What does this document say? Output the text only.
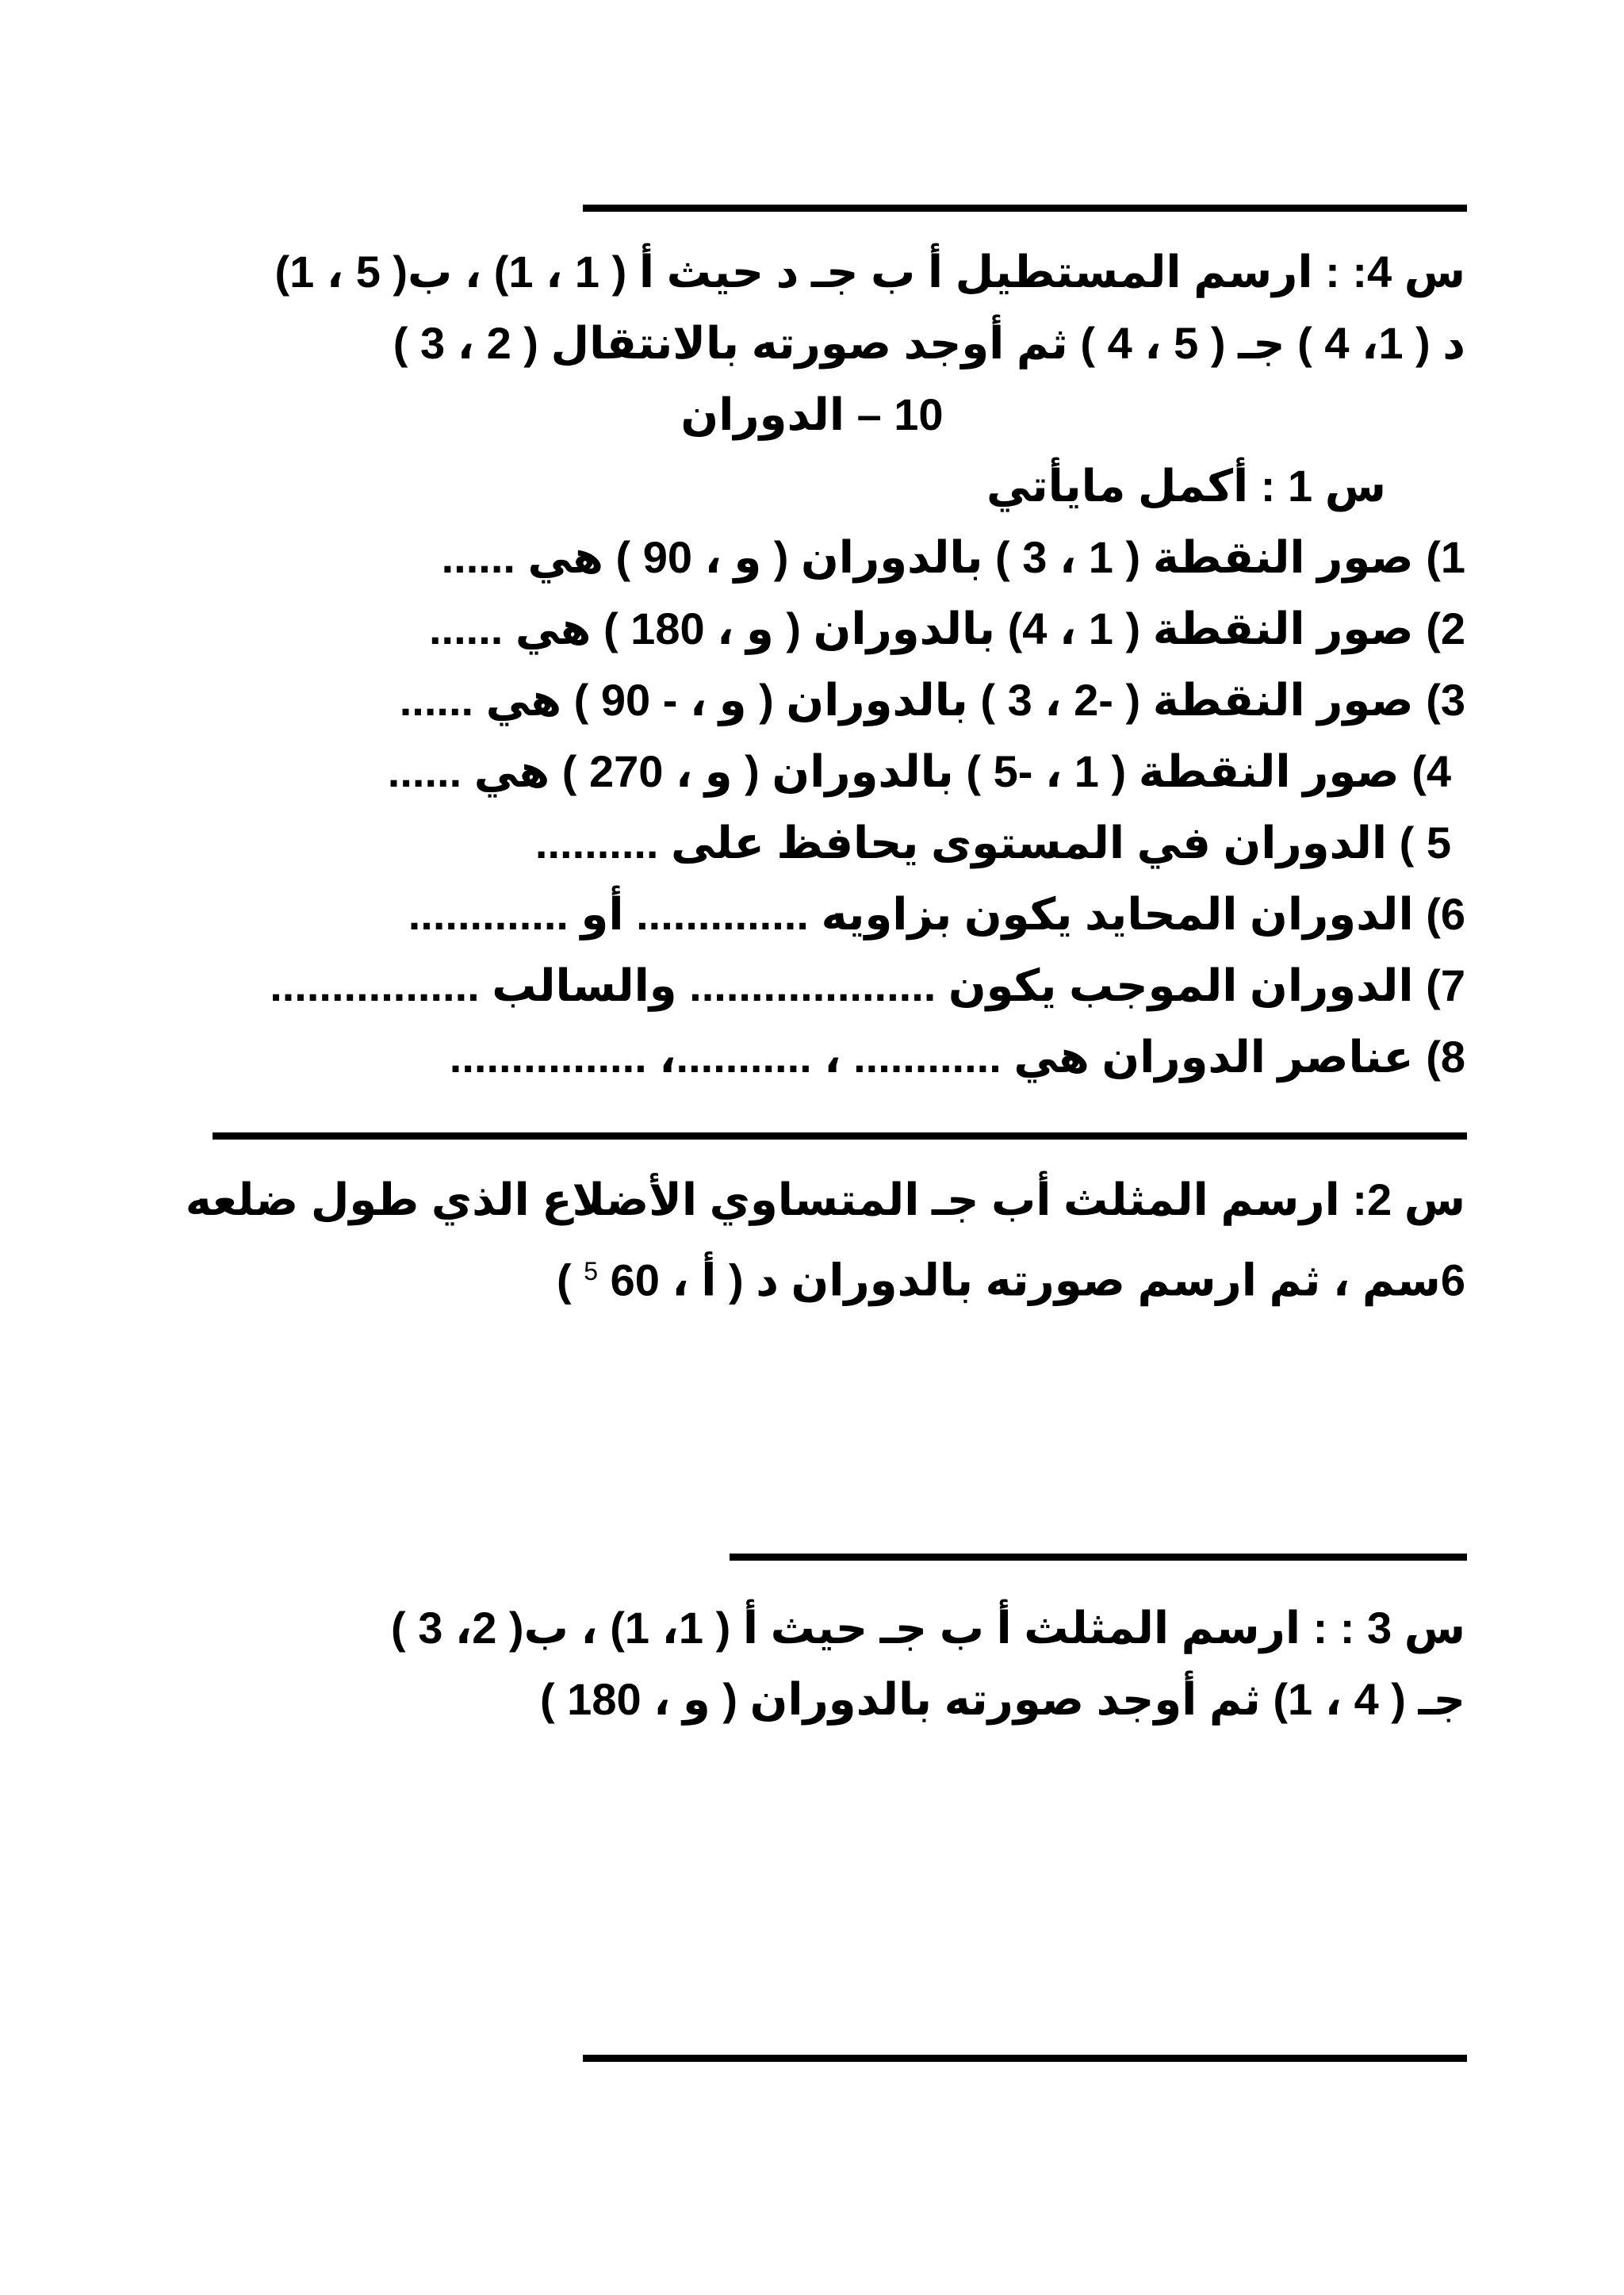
س 4: : ارسم المستطيل أ ب جـ د حيث أ ( 1 ، 1) ، ب( 5 ، 1)
د ( 1، 4 ) جـ ( 5 ، 4 ) ثم أوجد صورته بالانتقال ( 2 ، 3 )
10 – الدوران
س 1 : أكمل مايأتي
1) صور النقطة ( 1 ، 3 ) بالدوران ( و ، 90 ) هي ......
2) صور النقطة ( 1 ، 4) بالدوران ( و ، 180 ) هي ......
3) صور النقطة ( -2 ، 3 ) بالدوران ( و ، - 90 ) هي ......
4) صور النقطة ( 1 ، -5 ) بالدوران ( و ، 270 ) هي ......
5 ) الدوران في المستوى يحافظ على ..........
6) الدوران المحايد يكون بزاويه .............. أو .............
7) الدوران الموجب يكون .................... والسالب .................
8) عناصر الدوران هي ............ ، ...........، ................
س 2: ارسم المثلث أب جـ المتساوي الأضلاع الذي طول ضلعه
6سم ، ثم ارسم صورته بالدوران د ( أ ، 60 $^5$ )
س 3 : : ارسم المثلث أ ب جـ حيث أ ( 1، 1) ، ب( 2، 3 )
جـ ( 4 ، 1) ثم أوجد صورته بالدوران ( و ، 180 )
